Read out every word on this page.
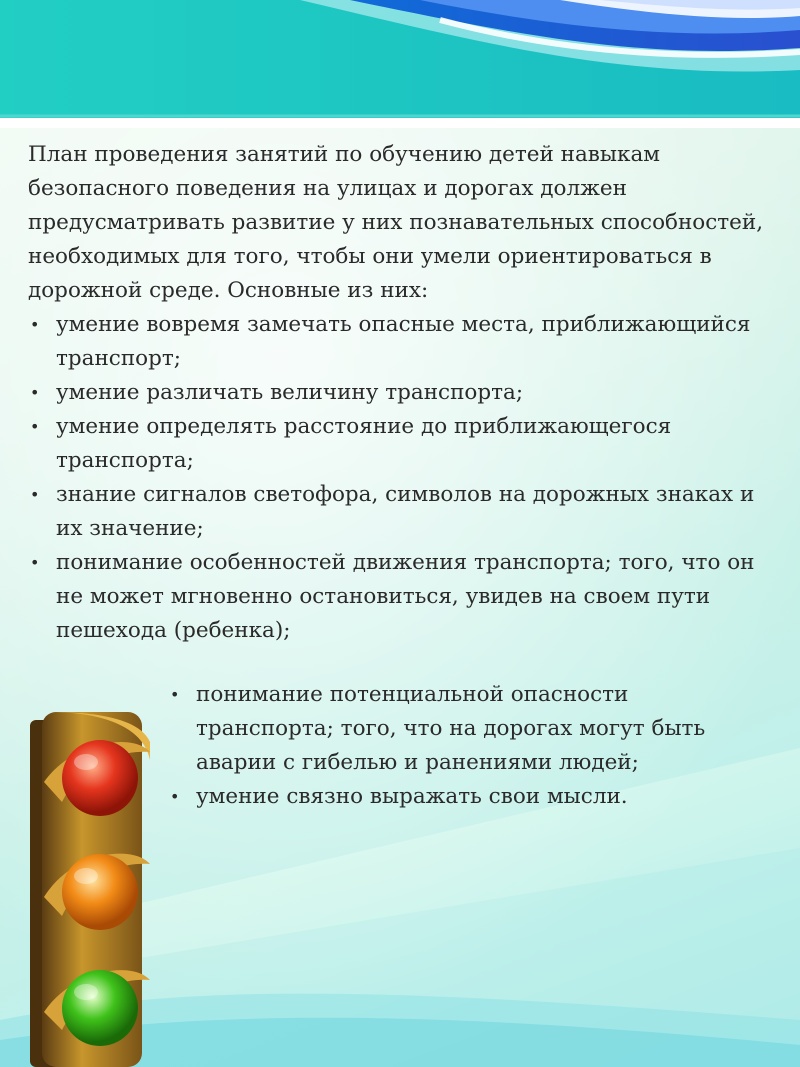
План проведения занятий по обучению детей навыкам безопасного поведения на улицах и дорогах должен предусматривать развитие у них познавательных способностей, необходимых для того, чтобы они умели ориентироваться в дорожной среде. Основные из них:

• умение вовремя замечать опасные места, приближающийся транспорт;
• умение различать величину транспорта;
• умение определять расстояние до приближающегося транспорта;
• знание сигналов светофора, символов на дорожных знаках и их значение;
• понимание особенностей движения транспорта; того, что он не может мгновенно остановиться, увидев на своем пути пешехода (ребенка);
• понимание потенциальной опасности транспорта; того, что на дорогах могут быть аварии с гибелью и ранениями людей;
• умение связно выражать свои мысли.
